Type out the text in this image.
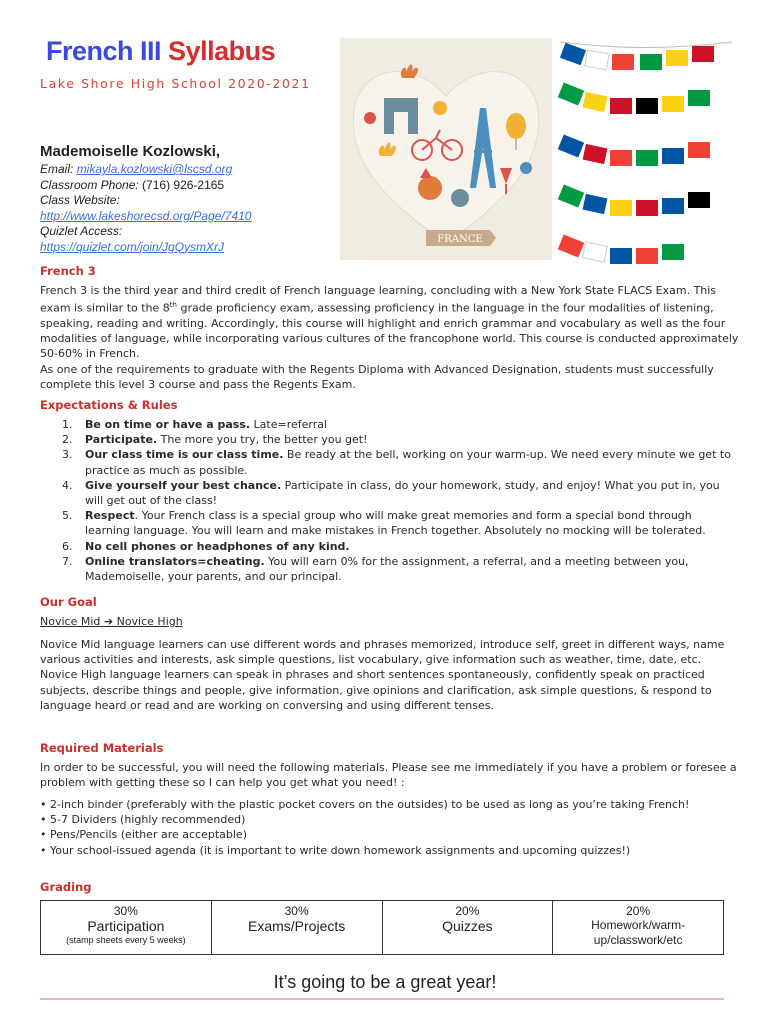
French III Syllabus
Lake Shore High School 2020-2021
Mademoiselle Kozlowski,
Email: mikayla.kozlowski@lscsd.org
Classroom Phone: (716) 926-2165
Class Website:
http://www.lakeshorecsd.org/Page/7410
Quizlet Access:
https://quizlet.com/join/JgQysmXrJ	FRANCE
French 3

French 3 is the third year and third credit of French language learning, concluding with a New York State FLACS Exam. This exam is similar to the 8th grade proficiency exam, assessing proficiency in the language in the four modalities of listening, speaking, reading and writing. Accordingly, this course will highlight and enrich grammar and vocabulary as well as the four modalities of language, while incorporating various cultures of the francophone world. This course is conducted approximately 50-60% in French.

As one of the requirements to graduate with the Regents Diploma with Advanced Designation, students must successfully complete this level 3 course and pass the Regents Exam.

Expectations & Rules
1. Be on time or have a pass. Late=referral
2. Participate. The more you try, the better you get!
3. Our class time is our class time. Be ready at the bell, working on your warm-up. We need every minute we get to practice as much as possible.
4. Give yourself your best chance. Participate in class, do your homework, study, and enjoy! What you put in, you will get out of the class!
5. Respect. Your French class is a special group who will make great memories and form a special bond through learning language. You will learn and make mistakes in French together. Absolutely no mocking will be tolerated.
6. No cell phones or headphones of any kind.
7. Online translators=cheating. You will earn 0% for the assignment, a referral, and a meeting between you, Mademoiselle, your parents, and our principal.
Our Goal
Novice Mid ➔ Novice High

Novice Mid language learners can use different words and phrases memorized, introduce self, greet in different ways, name various activities and interests, ask simple questions, list vocabulary, give information such as weather, time, date, etc.

Novice High language learners can speak in phrases and short sentences spontaneously, confidently speak on practiced subjects, describe things and people, give information, give opinions and clarification, ask simple questions, & respond to language heard or read and are working on conversing and using different tenses.

Required Materials
In order to be successful, you will need the following materials. Please see me immediately if you have a problem or foresee a problem with getting these so I can help you get what you need! :
• 2-inch binder (preferably with the plastic pocket covers on the outsides) to be used as long as you’re taking French!
• 5-7 Dividers (highly recommended)
• Pens/Pencils (either are acceptable)
• Your school-issued agenda (it is important to write down homework assignments and upcoming quizzes!)
Grading
30%
Participation
(stamp sheets every 5 weeks)

30%
Exams/Projects

20%
Quizzes

20%
Homework/warm-up/classwork/etc
It’s going to be a great year!
